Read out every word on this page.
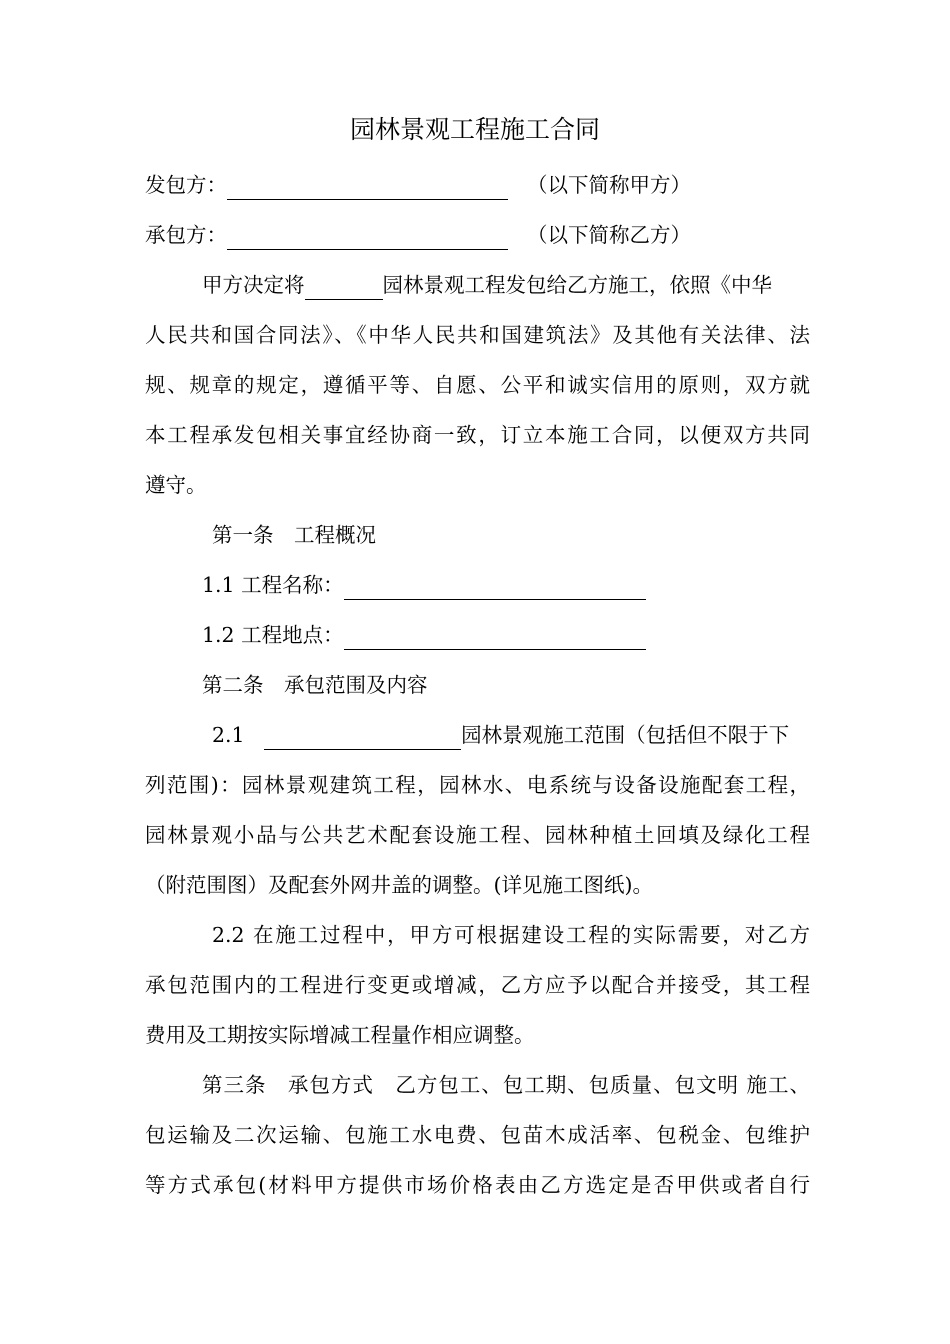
园林景观工程施工合同
发包方：	（以下简称甲方）
承包方：	（以下简称乙方）
甲方决定将	园林景观工程发包给乙方施工，依照《中华
人民共和国合同法》、《中华人民共和国建筑法》及其他有关法律、法
规、规章的规定，遵循平等、自愿、公平和诚实信用的原则，双方就
本工程承发包相关事宜经协商一致，订立本施工合同，以便双方共同
遵守。
第一条　工程概况
1.1 工程名称：
1.2 工程地点：
第二条　承包范围及内容
2.1	园林景观施工范围（包括但不限于下
列范围)：园林景观建筑工程，园林水、电系统与设备设施配套工程，
园林景观小品与公共艺术配套设施工程、园林种植土回填及绿化工程
（附范围图）及配套外网井盖的调整。(详见施工图纸)。
2.2 在施工过程中，甲方可根据建设工程的实际需要，对乙方
承包范围内的工程进行变更或增减，乙方应予以配合并接受，其工程
费用及工期按实际增减工程量作相应调整。
第三条　承包方式　乙方包工、包工期、包质量、包文明 施工、
包运输及二次运输、包施工水电费、包苗木成活率、包税金、包维护
等方式承包(材料甲方提供市场价格表由乙方选定是否甲供或者自行
